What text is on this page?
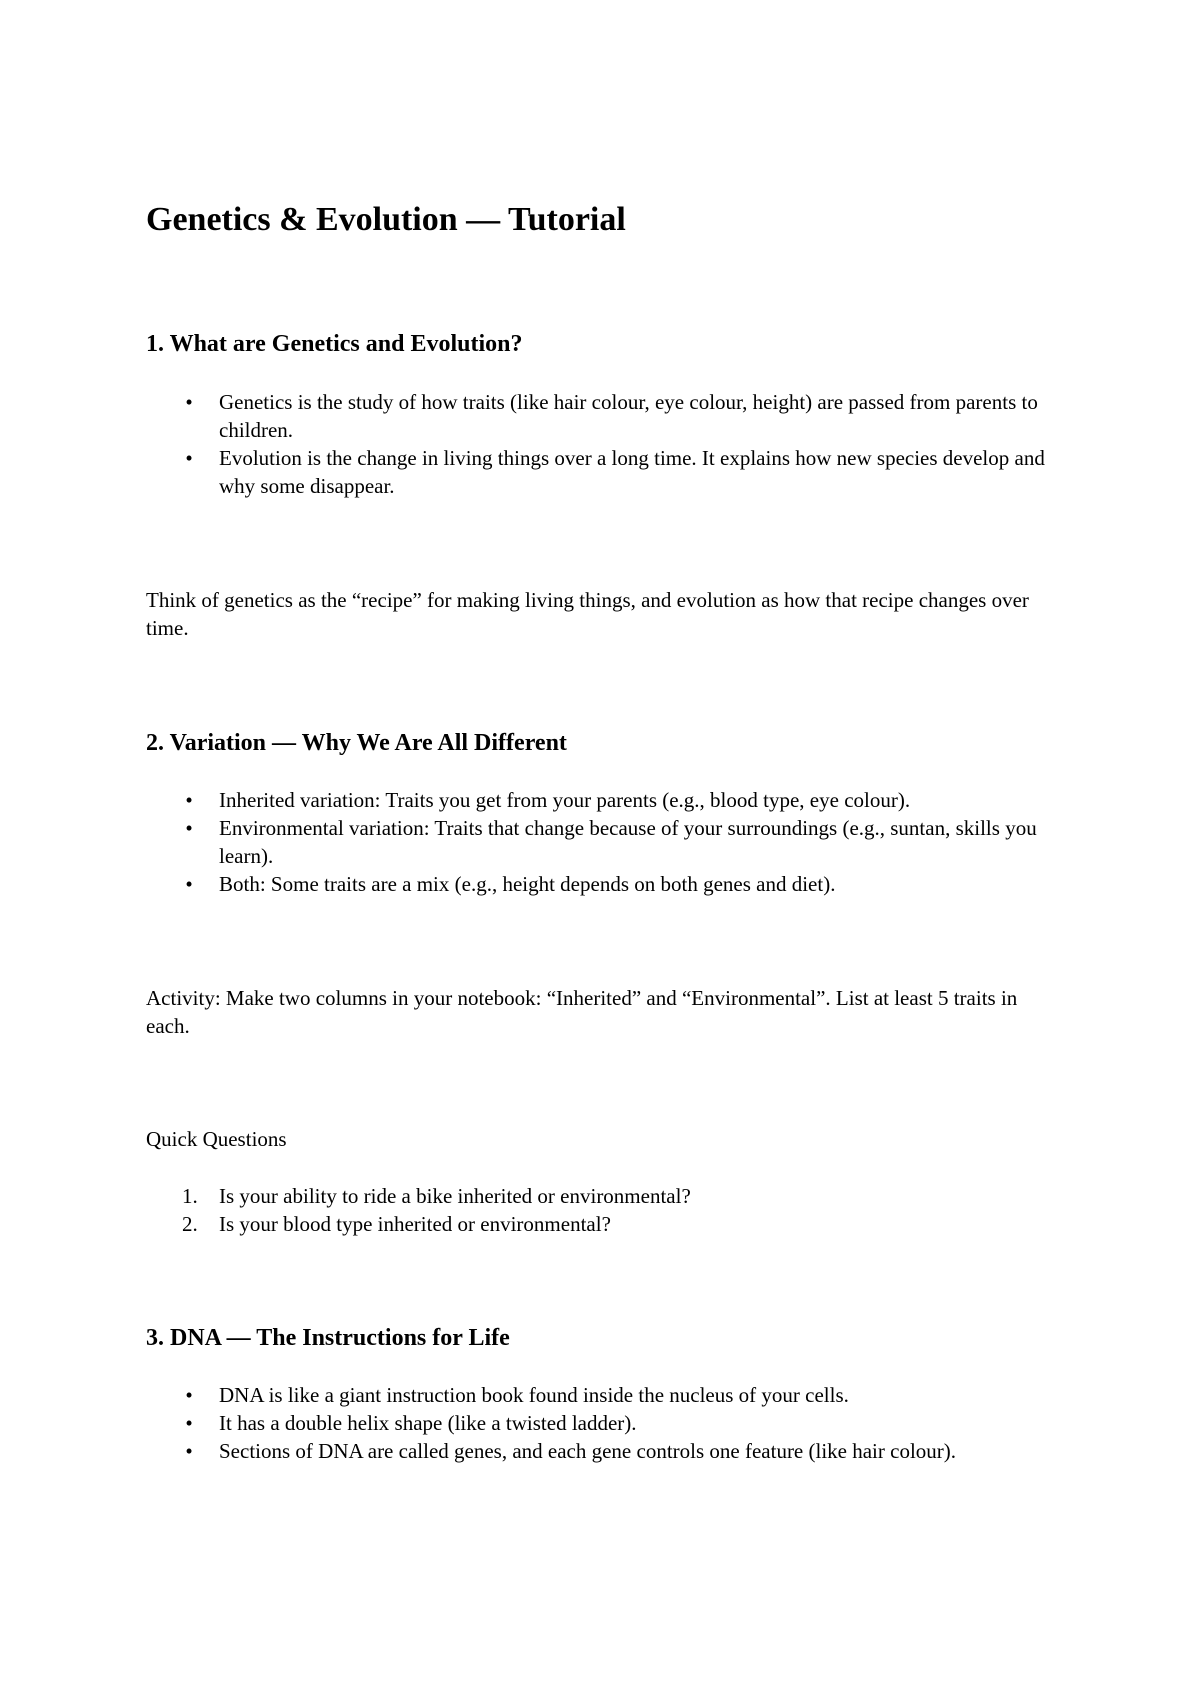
Genetics & Evolution — Tutorial
1. What are Genetics and Evolution?
• Genetics is the study of how traits (like hair colour, eye colour, height) are passed from parents to children.
• Evolution is the change in living things over a long time. It explains how new species develop and why some disappear.

Think of genetics as the “recipe” for making living things, and evolution as how that recipe changes over time.

2. Variation — Why We Are All Different
• Inherited variation: Traits you get from your parents (e.g., blood type, eye colour).
• Environmental variation: Traits that change because of your surroundings (e.g., suntan, skills you learn).
• Both: Some traits are a mix (e.g., height depends on both genes and diet).

Activity: Make two columns in your notebook: “Inherited” and “Environmental”. List at least 5 traits in each.

Quick Questions

1. Is your ability to ride a bike inherited or environmental?
2. Is your blood type inherited or environmental?
3. DNA — The Instructions for Life
• DNA is like a giant instruction book found inside the nucleus of your cells.
• It has a double helix shape (like a twisted ladder).
• Sections of DNA are called genes, and each gene controls one feature (like hair colour).
